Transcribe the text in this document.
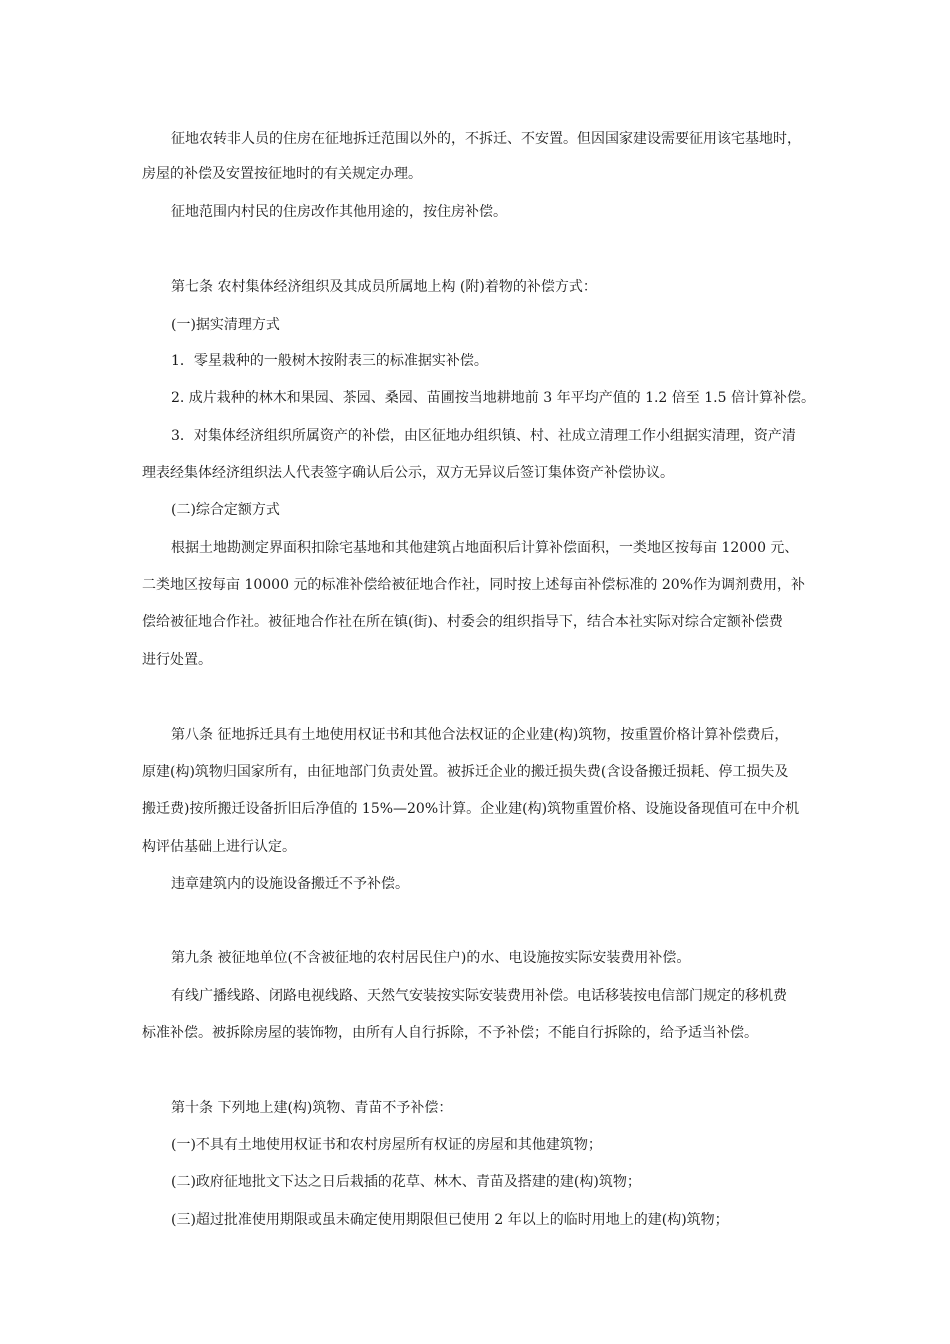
征地农转非人员的住房在征地拆迁范围以外的，不拆迁、不安置。但因国家建设需要征用该宅基地时，
房屋的补偿及安置按征地时的有关规定办理。
征地范围内村民的住房改作其他用途的，按住房补偿。
第七条 农村集体经济组织及其成员所属地上构 (附)着物的补偿方式：
(一)据实清理方式
1．零星栽种的一般树木按附表三的标准据实补偿。
2. 成片栽种的林木和果园、茶园、桑园、苗圃按当地耕地前 3 年平均产值的 1.2 倍至 1.5 倍计算补偿。
3．对集体经济组织所属资产的补偿，由区征地办组织镇、村、社成立清理工作小组据实清理，资产清
理表经集体经济组织法人代表签字确认后公示，双方无异议后签订集体资产补偿协议。
(二)综合定额方式
根据土地勘测定界面积扣除宅基地和其他建筑占地面积后计算补偿面积，一类地区按每亩 12000 元、
二类地区按每亩 10000 元的标准补偿给被征地合作社，同时按上述每亩补偿标准的 20%作为调剂费用，补
偿给被征地合作社。被征地合作社在所在镇(街)、村委会的组织指导下，结合本社实际对综合定额补偿费
进行处置。
第八条 征地拆迁具有土地使用权证书和其他合法权证的企业建(构)筑物，按重置价格计算补偿费后，
原建(构)筑物归国家所有，由征地部门负责处置。被拆迁企业的搬迁损失费(含设备搬迁损耗、停工损失及
搬迁费)按所搬迁设备折旧后净值的 15%—20%计算。企业建(构)筑物重置价格、设施设备现值可在中介机
构评估基础上进行认定。
违章建筑内的设施设备搬迁不予补偿。
第九条 被征地单位(不含被征地的农村居民住户)的水、电设施按实际安装费用补偿。
有线广播线路、闭路电视线路、天然气安装按实际安装费用补偿。电话移装按电信部门规定的移机费
标准补偿。被拆除房屋的装饰物，由所有人自行拆除，不予补偿；不能自行拆除的，给予适当补偿。
第十条 下列地上建(构)筑物、青苗不予补偿：
(一)不具有土地使用权证书和农村房屋所有权证的房屋和其他建筑物；
(二)政府征地批文下达之日后栽插的花草、林木、青苗及搭建的建(构)筑物；
(三)超过批准使用期限或虽未确定使用期限但已使用 2 年以上的临时用地上的建(构)筑物；
